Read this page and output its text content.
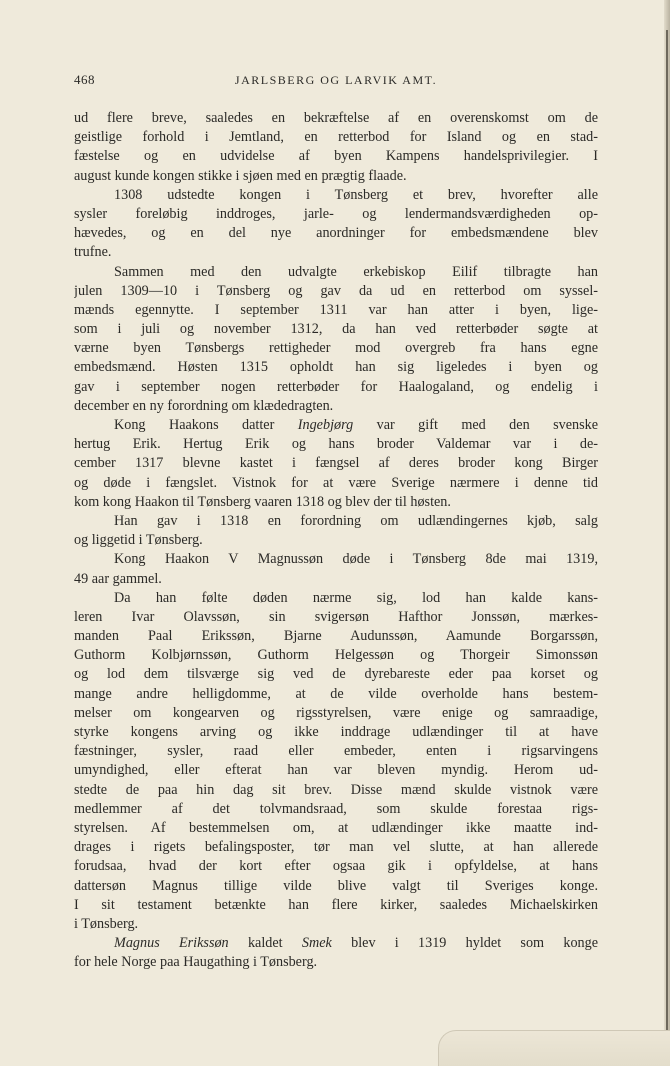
468	JARLSBERG OG LARVIK AMT.
ud flere breve, saaledes en bekræftelse af en overenskomst om de
geistlige forhold i Jemtland, en retterbod for Island og en stad-
fæstelse og en udvidelse af byen Kampens handelsprivilegier. I
august kunde kongen stikke i sjøen med en prægtig flaade.
1308 udstedte kongen i Tønsberg et brev, hvorefter alle
sysler foreløbig inddroges, jarle- og lendermandsværdigheden op-
hævedes, og en del nye anordninger for embedsmændene blev
trufne.
Sammen med den udvalgte erkebiskop Eilif tilbragte han
julen 1309—10 i Tønsberg og gav da ud en retterbod om syssel-
mænds egennytte. I september 1311 var han atter i byen, lige-
som i juli og november 1312, da han ved retterbøder søgte at
værne byen Tønsbergs rettigheder mod overgreb fra hans egne
embedsmænd. Høsten 1315 opholdt han sig ligeledes i byen og
gav i september nogen retterbøder for Haalogaland, og endelig i
december en ny forordning om klædedragten.
Kong Haakons datter Ingebjørg var gift med den svenske
hertug Erik. Hertug Erik og hans broder Valdemar var i de-
cember 1317 blevne kastet i fængsel af deres broder kong Birger
og døde i fængslet. Vistnok for at være Sverige nærmere i denne tid
kom kong Haakon til Tønsberg vaaren 1318 og blev der til høsten.
Han gav i 1318 en forordning om udlændingernes kjøb, salg
og liggetid i Tønsberg.
Kong Haakon V Magnussøn døde i Tønsberg 8de mai 1319,
49 aar gammel.
Da han følte døden nærme sig, lod han kalde kans-
leren Ivar Olavssøn, sin svigersøn Hafthor Jonssøn, mærkes-
manden Paal Erikssøn, Bjarne Audunssøn, Aamunde Borgarssøn,
Guthorm Kolbjørnssøn, Guthorm Helgessøn og Thorgeir Simonssøn
og lod dem tilsværge sig ved de dyrebareste eder paa korset og
mange andre helligdomme, at de vilde overholde hans bestem-
melser om kongearven og rigsstyrelsen, være enige og samraadige,
styrke kongens arving og ikke inddrage udlændinger til at have
fæstninger, sysler, raad eller embeder, enten i rigsarvingens
umyndighed, eller efterat han var bleven myndig. Herom ud-
stedte de paa hin dag sit brev. Disse mænd skulde vistnok være
medlemmer af det tolvmandsraad, som skulde forestaa rigs-
styrelsen. Af bestemmelsen om, at udlændinger ikke maatte ind-
drages i rigets befalingsposter, tør man vel slutte, at han allerede
forudsaa, hvad der kort efter ogsaa gik i opfyldelse, at hans
dattersøn Magnus tillige vilde blive valgt til Sveriges konge.
I sit testament betænkte han flere kirker, saaledes Michaelskirken
i Tønsberg.
Magnus Erikssøn kaldet Smek blev i 1319 hyldet som konge
for hele Norge paa Haugathing i Tønsberg.
